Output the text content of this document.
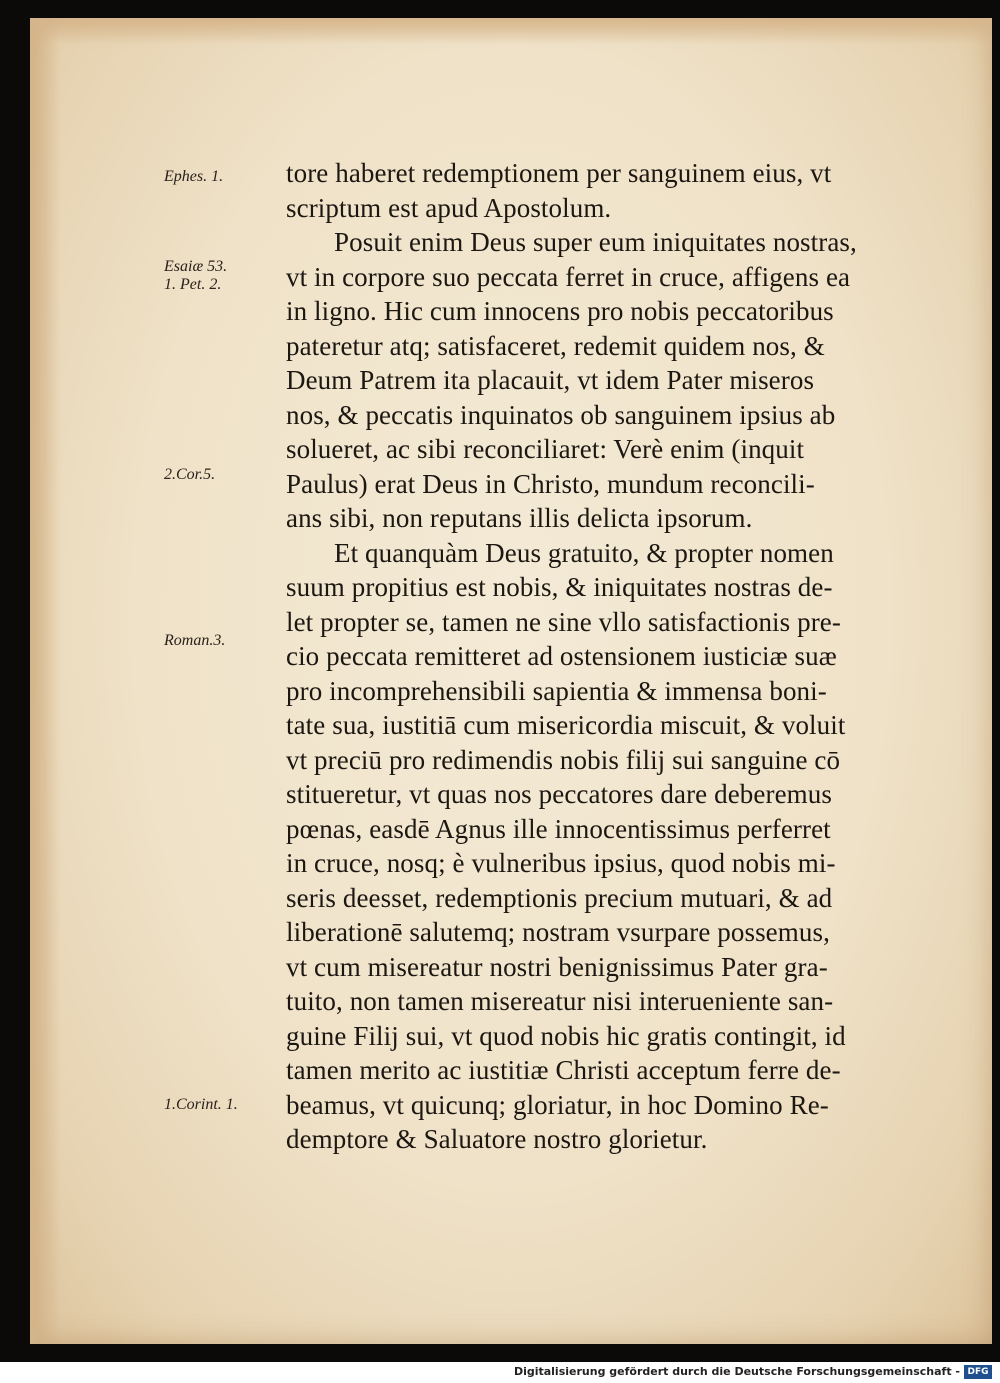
Ephes. 1.
Esaiæ 53.
1. Pet. 2.
2.Cor.5.
Roman.3.
1.Corint. 1.
tore haberet redemptionem per sanguinem eius, vt
scriptum est apud Apostolum.
Posuit enim Deus super eum iniquitates nostras,
vt in corpore suo peccata ferret in cruce, affigens ea
in ligno. Hic cum innocens pro nobis peccatoribus
pateretur atq; satisfaceret, redemit quidem nos, &
Deum Patrem ita placauit, vt idem Pater miseros
nos, & peccatis inquinatos ob sanguinem ipsius ab
solueret, ac sibi reconciliaret: Verè enim (inquit
Paulus) erat Deus in Christo, mundum reconcili-
ans sibi, non reputans illis delicta ipsorum.
Et quanquàm Deus gratuito, & propter nomen
suum propitius est nobis, & iniquitates nostras de-
let propter se, tamen ne sine vllo satisfactionis pre-
cio peccata remitteret ad ostensionem iusticiæ suæ
pro incomprehensibili sapientia & immensa boni-
tate sua, iustitiā cum misericordia miscuit, & voluit
vt preciū pro redimendis nobis filij sui sanguine cō
stitueretur, vt quas nos peccatores dare deberemus
pœnas, easdē Agnus ille innocentissimus perferret
in cruce, nosq; è vulneribus ipsius, quod nobis mi-
seris deesset, redemptionis precium mutuari, & ad
liberationē salutemq; nostram vsurpare possemus,
vt cum misereatur nostri benignissimus Pater gra-
tuito, non tamen misereatur nisi interueniente san-
guine Filij sui, vt quod nobis hic gratis contingit, id
tamen merito ac iustitiæ Christi acceptum ferre de-
beamus, vt quicunq; gloriatur, in hoc Domino Re-
demptore & Saluatore nostro glorietur.
Digitalisierung gefördert durch die Deutsche Forschungsgemeinschaft - DFG
